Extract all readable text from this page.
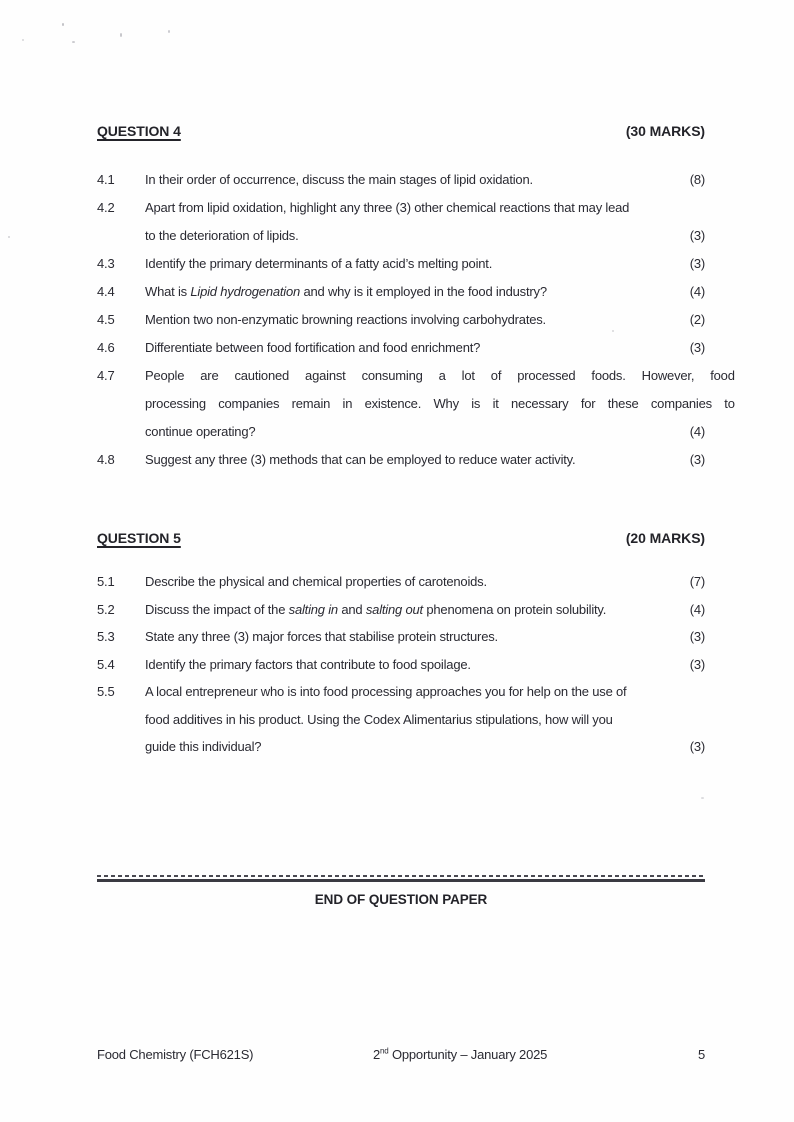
QUESTION 4	(30 MARKS)
4.1 In their order of occurrence, discuss the main stages of lipid oxidation.	(8)
4.2 Apart from lipid oxidation, highlight any three (3) other chemical reactions that may lead
to the deterioration of lipids.	(3)
4.3 Identify the primary determinants of a fatty acid’s melting point.	(3)
4.4 What is Lipid hydrogenation and why is it employed in the food industry?	(4)
4.5 Mention two non-enzymatic browning reactions involving carbohydrates.	(2)
4.6 Differentiate between food fortification and food enrichment?	(3)
4.7 People are cautioned against consuming a lot of processed foods. However, food
processing companies remain in existence. Why is it necessary for these companies to
continue operating?	(4)
4.8 Suggest any three (3) methods that can be employed to reduce water activity.	(3)
QUESTION 5	(20 MARKS)
5.1 Describe the physical and chemical properties of carotenoids.	(7)
5.2 Discuss the impact of the salting in and salting out phenomena on protein solubility.	(4)
5.3 State any three (3) major forces that stabilise protein structures.	(3)
5.4 Identify the primary factors that contribute to food spoilage.	(3)
5.5 A local entrepreneur who is into food processing approaches you for help on the use of
food additives in his product. Using the Codex Alimentarius stipulations, how will you
guide this individual?	(3)
END OF QUESTION PAPER
Food Chemistry (FCH621S)	2nd Opportunity – January 2025	5
